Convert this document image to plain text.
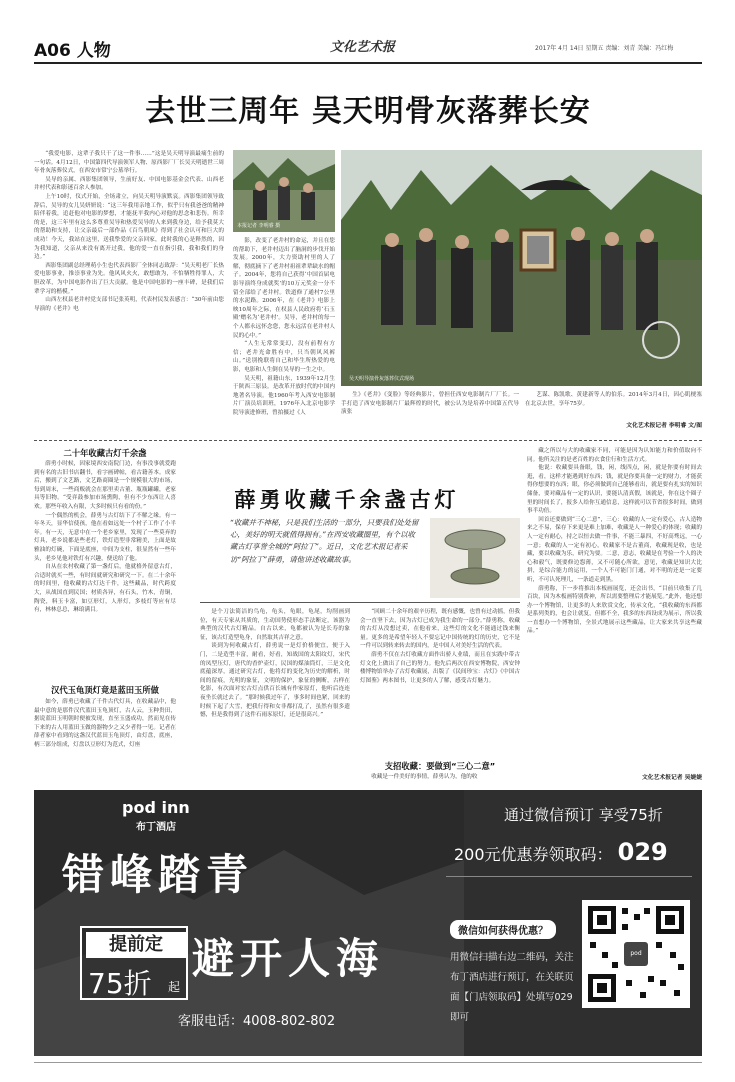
A06 人物	文化艺术报	2017年 4月 14日 星期五 责编：刘青 美编：冯红梅
去世三周年 吴天明骨灰落葬长安

“我爱电影，这辈子我只干了这一件事……”这是吴天明导演最痛生前的一句话。4月12日，中国第四代导演领军人物、原西影厂厂长吴天明逝世三周年骨灰落葬仪式，在西安市常宁公墓举行。

吴导的亲属、西影集团领导，生前好友、中国电影基金会代表、山西老井村代表和影迷百余人参加。

上午10时，仪式开始，全场肃立，向吴天明导演默哀。西影集团领导致辞后，吴导的女儿吴妍妍说：“这三年我用亲地工作，似乎只有我爸爸的精神陪伴着我，追赶他对电影的梦想，才能抚平我内心对他的思念和悲伤。所幸的是，这三年里有这么多尊重吴导和热爱吴导的人来到我身边，给予我莫大的帮助和支持，让父亲最后一部作品《百鸟朝凤》得到了社会认可和巨大的成功！今天，我站在这里，送我挚爱的父亲回家，此时我的心是释然的，因为我知道，父亲从来没有离开过我，他的爱一直在指引我，我和我们的身边。”

西影集团副总经理萌小生也代表西影厂全体同志致辞：“吴天明老厂长热爱电影事业，推崇事业为先。他风风火火，敢想敢为，不怕牺牲得罪人，大胆改革，为中国电影作出了巨大贡献。他是中国电影的一座丰碑，是我们后辈学习的楷模。”

山西左权县老井村党支部书记张英明，代表村民发表感言：“30年前由您导演的《老井》电

本报记者 李明睿 摄
吴天明导演骨灰落葬仪式现场

影，改变了老井村的命运，并且在您的帮助下，老井村迈出了脑洞的步伐开始发展。2000年，大力资助村里的人了解，彻底摘下了老井村祖祖辈辈缺水的帽子。2004年，您将自己获得‘中国首届电影导演终身成就奖’的10万元奖金一分不留全部给了老井村。铁道修了通村7公里的水泥路。2006年，在《老井》电影上映10周年之际，在权县人民政府将‘石玉殿’赠名为‘老井村’。吴导，老井村的每一个人都永远怀念您，您永远活在老井村人民的心中。”

“人生无常常变幻，没有前程有方信；老井光命胜有中，只当朝风风裤山。”送别挽联将自己和毕生所热爱的电影，电影和人生倒在吴导的一生之中。

吴天明，祖籍山东，1939年12月生于陕西三原县。是改革开放时代的中国内地著名导演。他1960年考入西安电影制片厂演员培训班，1976年入北京电影学院导演进修班，曾拍摄过《人

生》《老井》《变脸》等经典影片，曾担任西安电影制片厂厂长。一手打造了西安电影制片厂最辉煌的时代，被公认为是培养中国第五代导演张

艺谋、陈凯歌、黄建新等人的伯乐。2014年3月4日，因心肌梗塞在北京去世，享年75岁。

文化艺术报记者 李明睿 文/图
二十年收藏古灯千余盏

薛勇小时候，因家境西安南院门边，有事没事就爱跑到有名的古旧书店翻书，看字画碑帖，看古籍善本。成家后，搬到了文艺路，文艺路商圈是一个规模很大的市场，每到周末，一些商贩就会在那里卖古董、瓶瓶罐罐，老家具等旧物。“受弈鼓参加市场熏陶，但有不少东西让人喜欢。那些年收入有限，大多时候只有看的份。”

一个偶然的机会，薛勇与古灯结下了不解之缘。有一年冬天，显华信使孩，他在看如远处一个村子工作了小半年。有一天，无意中在一个老乡家里，发现了一些莫弃的灯具，老乡说都是些老灯，铁灯造型非常精美，上面是故雅油的灯碗，下面是底座，中间为支柱，很显然有一些年头，老乡见他对铁灯有兴趣，便送给了他。

自从在农村收藏了第一盏灯后，他就格外留意古灯，合适时就买一些，有时间就研究和研究一下。在二十余年的时间里，他收藏的古灯达千件，这些藏品，时代跨度大，从战国直到民国；材质各异，有石头，竹木，青铜，陶瓷，料玉卡富，如豆形灯，人形灯，多枝灯等应有尽有，林林总总，琳琅满目。

汉代玉龟顶灯竟是蓝田玉所做

如今，薛勇已收藏了千件古代灯具，在收藏品中，他最中意的是那件汉代蓝田玉龟顶灯，古人云，玉种贵田，据说蓝田玉明朝时便被发现，直至玉盛成功，然而见在传下来的古人用蓝田玉做的器物少之又少者得一见。记者在薛者家中看到的这盏汉代蓝田玉龟顶灯，由灯盘，底座，柄三部分组成，灯盘以豆形灯为范式，灯座

薛勇收藏千余盏古灯
“收藏并不神秘，只是我们生活的一部分，只要我们处处留心，美好的明天就值得拥有。”在西安收藏圈里，有个以收藏古灯享誉全城的“阿拉丁”。近日，文化艺术报记者采访“阿拉丁”薛勇，请他讲述收藏故事。

是个刀法简洁的鸟龟，龟头，龟眼，龟尾，均削画到位，有天专家从其质的，生动国势使形态手法断定，该器为典型的汉代古灯精品。自古以来，龟都被认为是长寿的象征，该古灯造型龟身，自然取其吉祥之意。

谈到为何收藏古灯，薛勇说一是灯价格便宜，便于入门，二是造型丰富，耐看，好看，知战国的太阳纹灯，宋代的凤型压灯，唐代的香炉壶灯，民国的煤油筒灯，三是文化底蕴深厚，通过研究古灯，他将灯的变化为历史的解析，时间的留痕，光明的象征，文明的保护，象征的侧断，古样在化影，有次面对宏古灯点供百长城有作家原灯，他听后连连夜坐长就过去了。“那时候我过年了，事多时间也紧，回来的时候下起了大雪，把我行得和女非都打乱了，虽然有很多遗憾，但是我得到了这件石雨豕原灯，还是很高兴。”

“回顾二十余年的艰辛历程，既有感慨，也曾有过动摇，但我会一直坚下去，因为古灯已成为我生命的一部分。”薛勇称，收藏的古灯从没想过卖，在他看来，这些灯的文化不能通过钱来衡量。更多的是希望年轻人不要忘记中国传统的灯的历史，它不是一件可以到转来转去的国内，是中国人对美好生活的代表。

薛勇不仅在古灯收藏方面作出骄人业绩，而且在实践中带古灯文化上做出了自己的努力。他先后两次在西安博物院，西安钟楼博物馆举办了古灯收藏展，出版了《民间珍宝：古灯》《中国古灯图鉴》两本图书，让更多的人了解，感受古灯魅力。

支招收藏：要做到“三心二意”

收藏是一件美好的事情，薛勇认为，他的收

藏之所以与大的收藏家不同，可能是因为认知能力和价值取向不同。他所关注的是老百姓的衣食住行和生活方式。

他说：收藏要具备眼，钱，闲，线四点，闲，就是你要有时间去逛，看，这样才能遇到好东西；钱，就是你要具备一定的财力，才能获得你想要的东西；眼，你必须做到自己能够看出，就是要有扎实的知识储备，要对藏品有一定的认识，要能认清真假，该就是，你在这个圈子里的时间长了，报多人给你互通信息，这样就可以节省很多时间，做到事半功倍。

回首还要做到“三心二意”，三心：收藏的人一定有爱心，古人造物来之不易，保存下来更是难上加难，收藏是人一种爱心的体现；收藏的人一定有耐心，持之以恒去做一件事，不能三暴四，不好高骛远，一心一意；收藏的人一定有初心，收藏家不是古董商，收藏现是收，也是藏，要以收藏为乐，研究为要。二意，意志，收藏是在考验一个人的决心和毅气，既要修边怨薄，又不可随心所欲，意见，收藏是知识大比拼，是综合能力的运用，一个人不可能门门通，对不明的还是一定要听，不可认死理儿，一条道走到黑。

薛勇称，下一步将推出本板画展览，还会出书，“目前只收集了几百块，因为木板画特别费神，所以需要整理后才能展览。”此外，他还想办一个博物馆，让更多的人来欣赏文化，传承文化，“我收藏的东西都是系列类的，也会让就复，但都不全，我多的东西设成为展示，所以我一直想办一个博物馆，全景式地展示这些藏品，让大家来共享这些藏品。”

文化艺术报记者 吴婕婕
pod inn
布丁酒店
错峰踏青
避开人海
提前定
75折 起
客服电话：4008-802-802
通过微信预订 享受75折
200元优惠券领取码： 029
微信如何获得优惠？
用微信扫描右边二维码，关注布丁酒店进行预订，在关联页面【门店领取码】处填写029即可
pod
